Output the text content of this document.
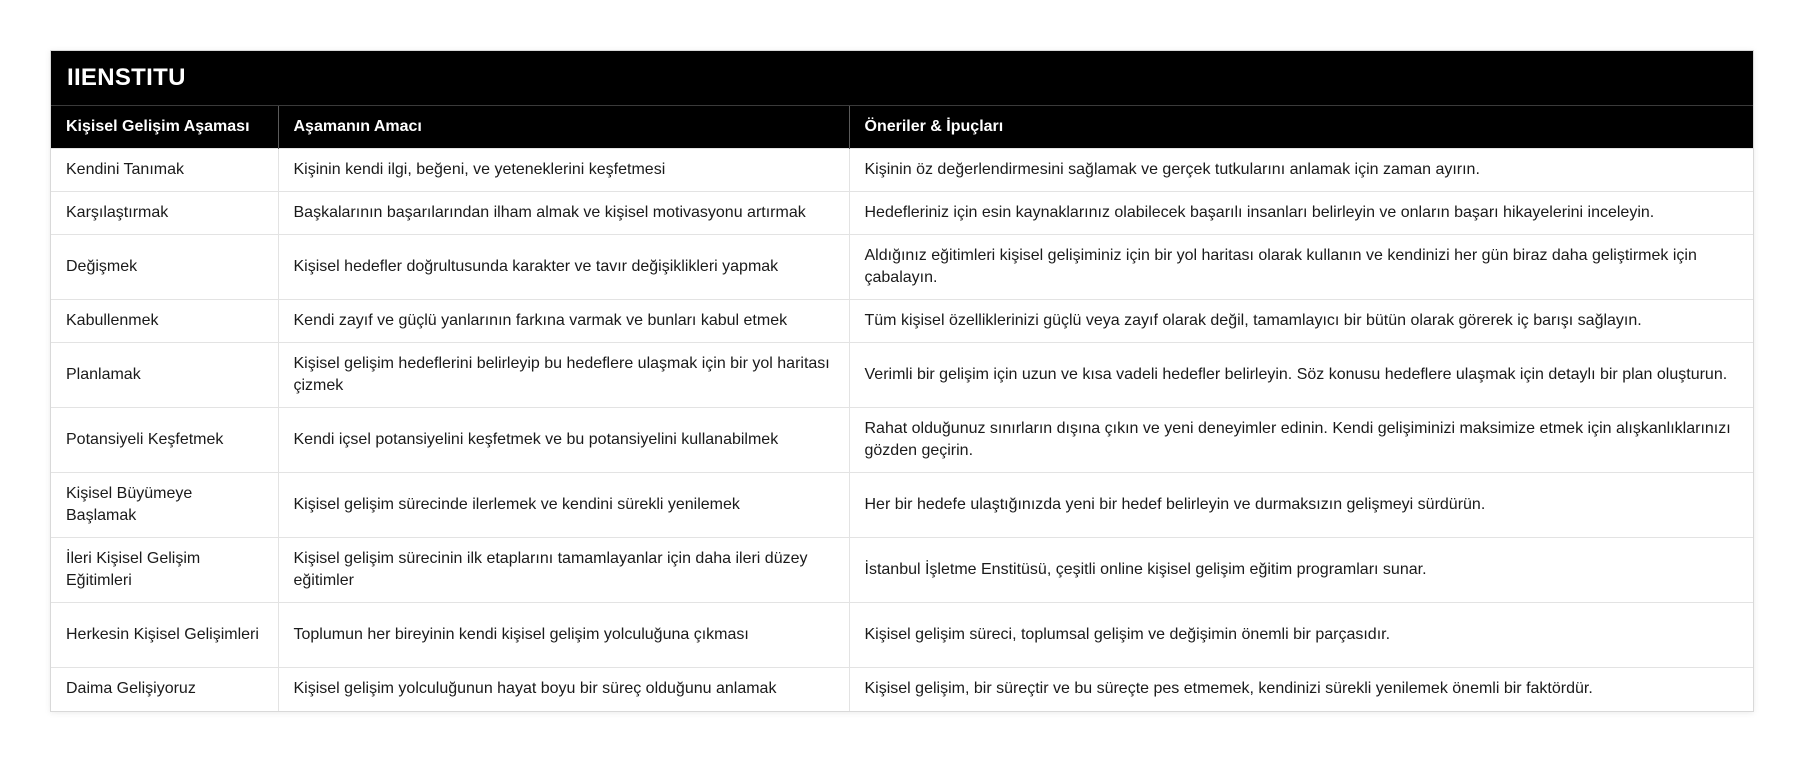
IIENSTITU
Kişisel Gelişim Aşaması	Aşamanın Amacı	Öneriler & İpuçları
Kendini Tanımak	Kişinin kendi ilgi, beğeni, ve yeteneklerini keşfetmesi	Kişinin öz değerlendirmesini sağlamak ve gerçek tutkularını anlamak için zaman ayırın.
Karşılaştırmak	Başkalarının başarılarından ilham almak ve kişisel motivasyonu artırmak	Hedefleriniz için esin kaynaklarınız olabilecek başarılı insanları belirleyin ve onların başarı hikayelerini inceleyin.
Değişmek	Kişisel hedefler doğrultusunda karakter ve tavır değişiklikleri yapmak	Aldığınız eğitimleri kişisel gelişiminiz için bir yol haritası olarak kullanın ve kendinizi her gün biraz daha geliştirmek için çabalayın.
Kabullenmek	Kendi zayıf ve güçlü yanlarının farkına varmak ve bunları kabul etmek	Tüm kişisel özelliklerinizi güçlü veya zayıf olarak değil, tamamlayıcı bir bütün olarak görerek iç barışı sağlayın.
Planlamak	Kişisel gelişim hedeflerini belirleyip bu hedeflere ulaşmak için bir yol haritası çizmek	Verimli bir gelişim için uzun ve kısa vadeli hedefler belirleyin. Söz konusu hedeflere ulaşmak için detaylı bir plan oluşturun.
Potansiyeli Keşfetmek	Kendi içsel potansiyelini keşfetmek ve bu potansiyelini kullanabilmek	Rahat olduğunuz sınırların dışına çıkın ve yeni deneyimler edinin. Kendi gelişiminizi maksimize etmek için alışkanlıklarınızı gözden geçirin.
Kişisel Büyümeye Başlamak	Kişisel gelişim sürecinde ilerlemek ve kendini sürekli yenilemek	Her bir hedefe ulaştığınızda yeni bir hedef belirleyin ve durmaksızın gelişmeyi sürdürün.
İleri Kişisel Gelişim Eğitimleri	Kişisel gelişim sürecinin ilk etaplarını tamamlayanlar için daha ileri düzey eğitimler	İstanbul İşletme Enstitüsü, çeşitli online kişisel gelişim eğitim programları sunar.
Herkesin Kişisel Gelişimleri	Toplumun her bireyinin kendi kişisel gelişim yolculuğuna çıkması	Kişisel gelişim süreci, toplumsal gelişim ve değişimin önemli bir parçasıdır.
Daima Gelişiyoruz	Kişisel gelişim yolculuğunun hayat boyu bir süreç olduğunu anlamak	Kişisel gelişim, bir süreçtir ve bu süreçte pes etmemek, kendinizi sürekli yenilemek önemli bir faktördür.
